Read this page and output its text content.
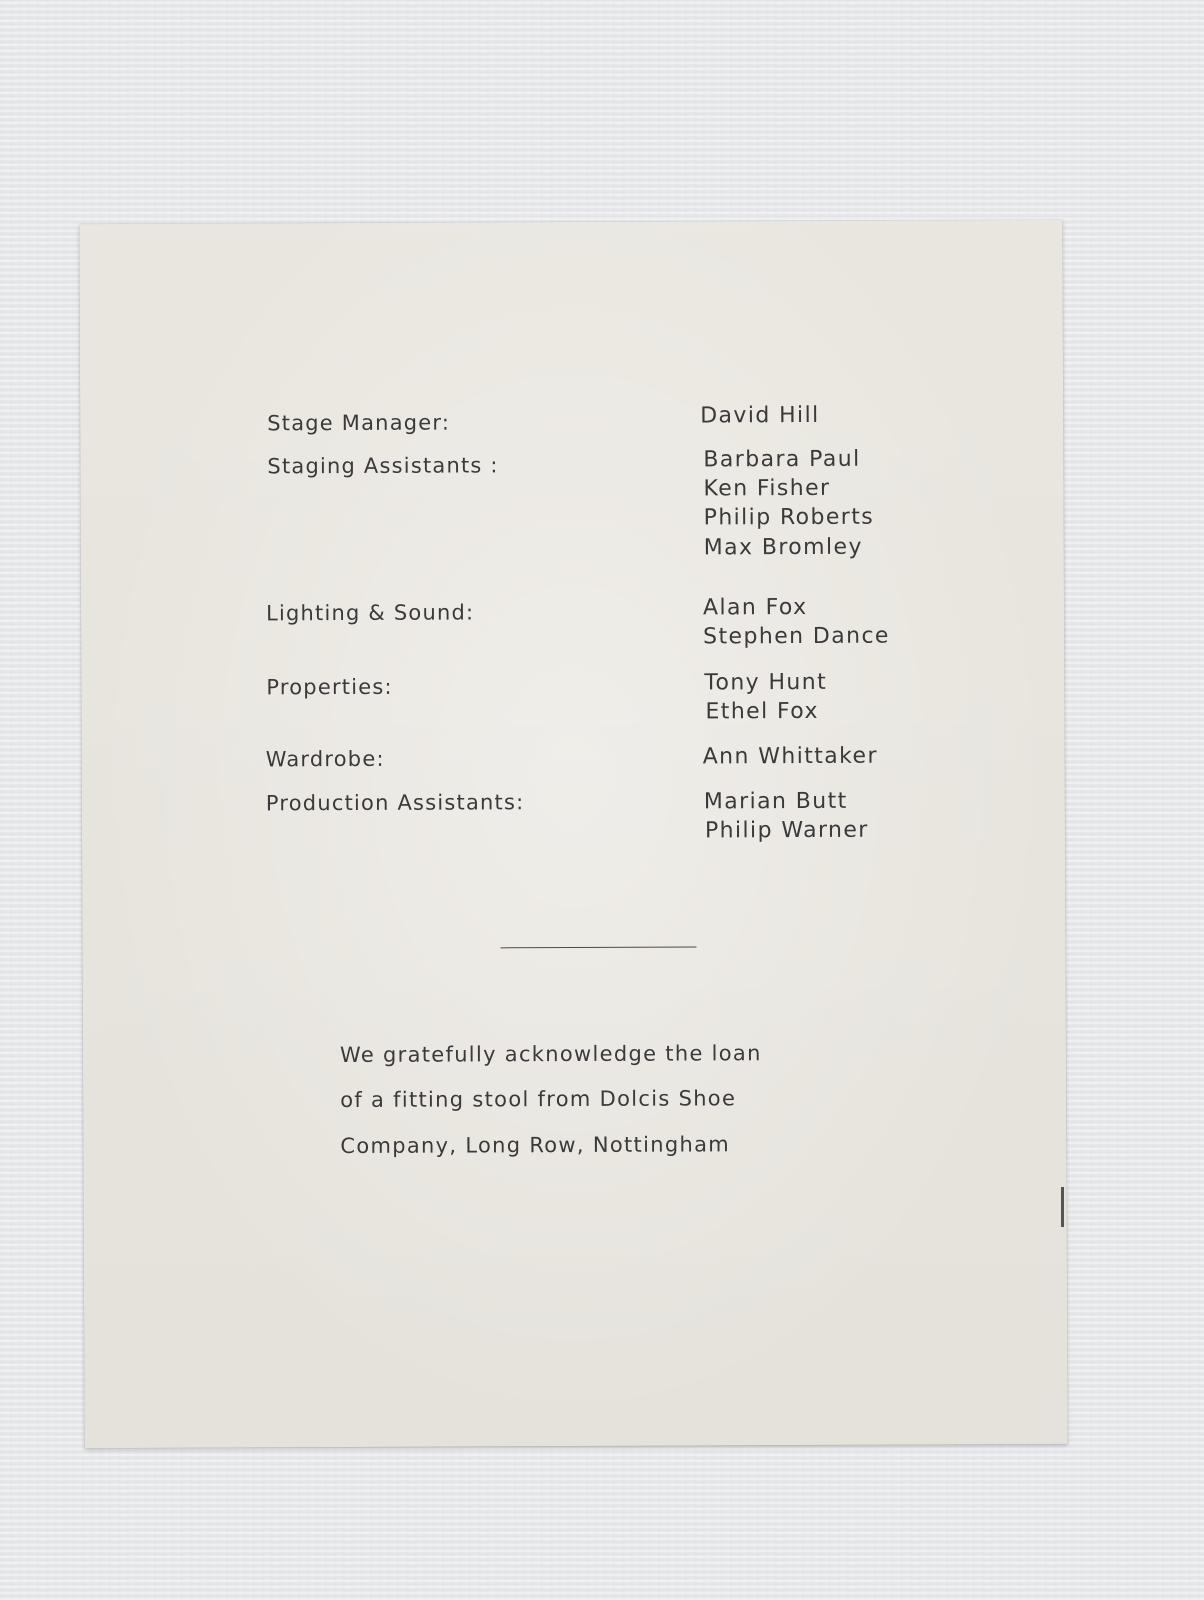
Stage Manager:
Staging Assistants :
Lighting & Sound:
Properties:
Wardrobe:
Production Assistants:
David Hill
Barbara Paul
Ken Fisher
Philip Roberts
Max Bromley
Alan Fox
Stephen Dance
Tony Hunt
Ethel Fox
Ann Whittaker
Marian Butt
Philip Warner
We gratefully acknowledge the loan
of a fitting stool from Dolcis Shoe
Company, Long Row, Nottingham
